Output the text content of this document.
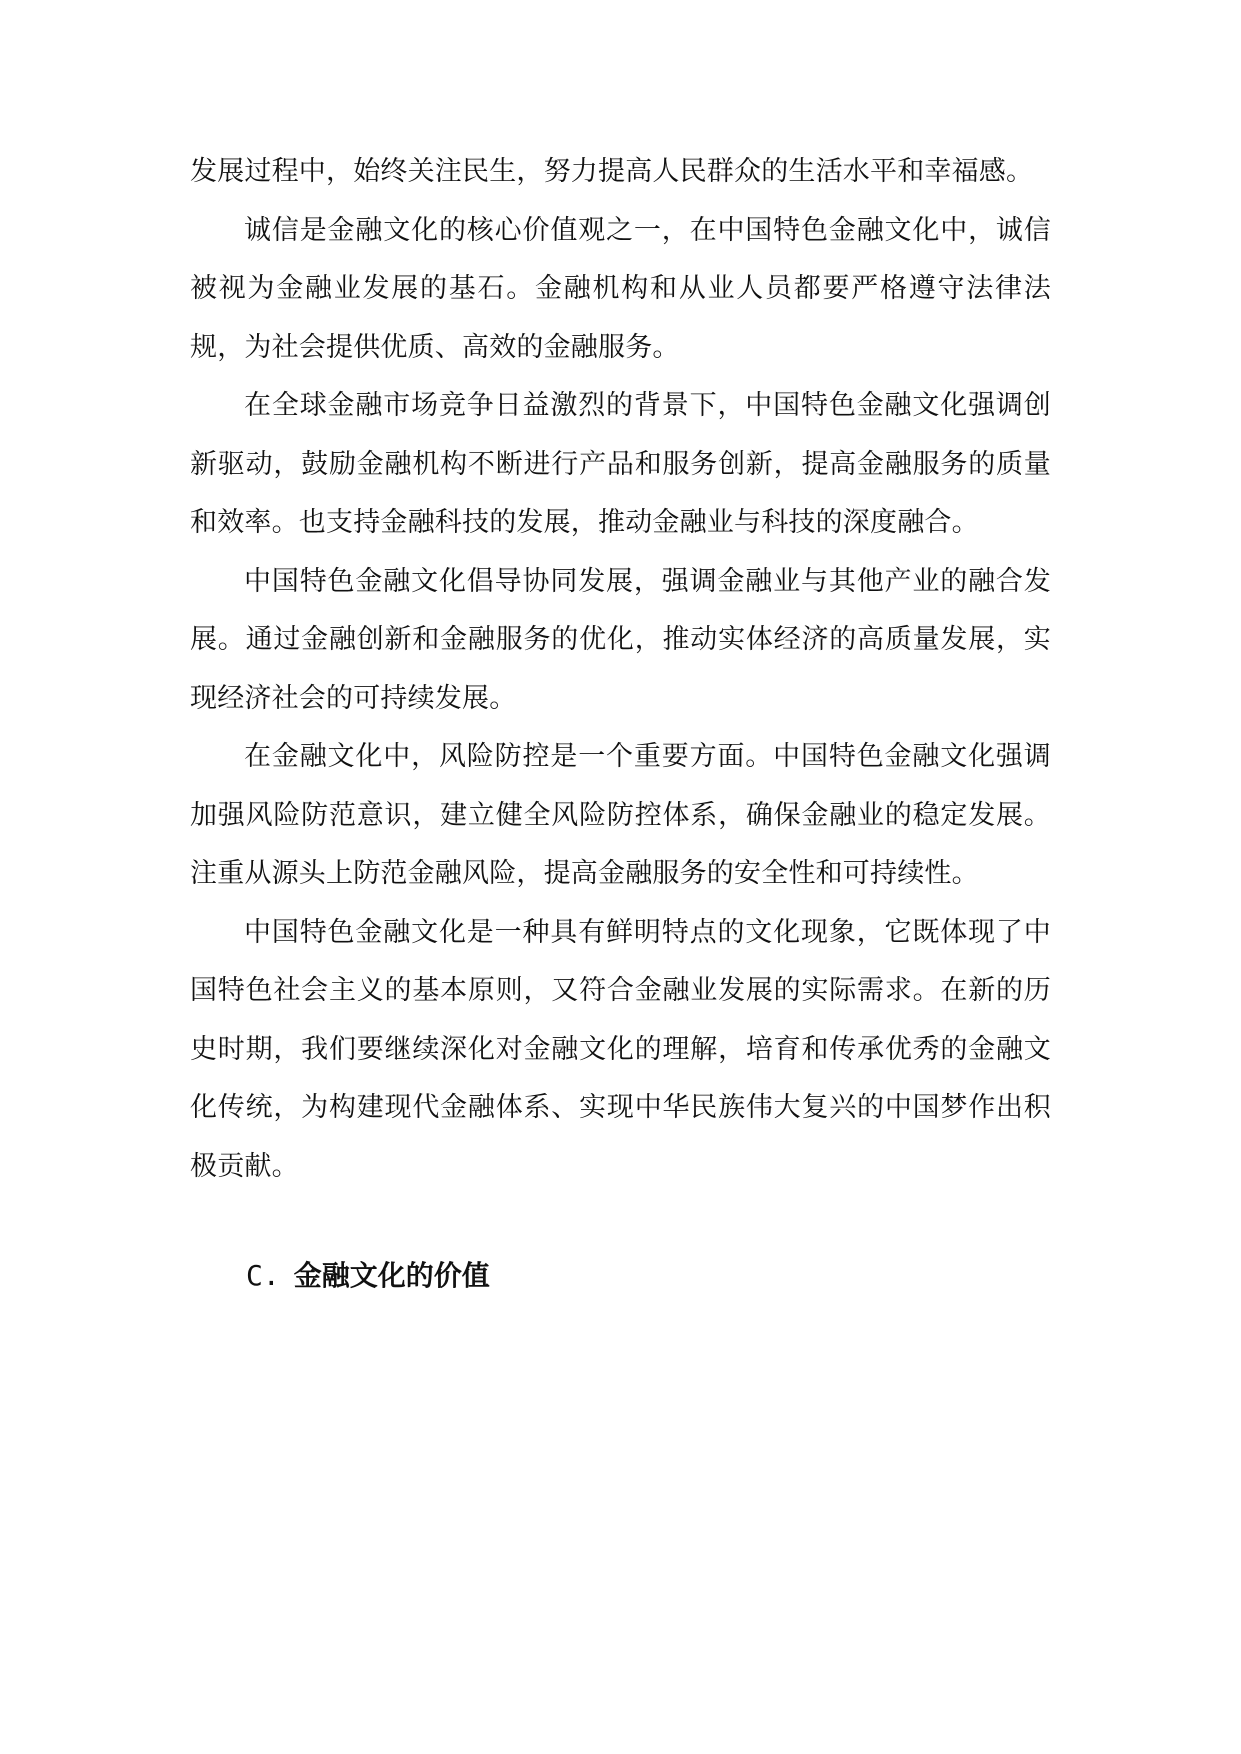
发展过程中，始终关注民生，努力提高人民群众的生活水平和幸福感。

诚信是金融文化的核心价值观之一，在中国特色金融文化中，诚信被视为金融业发展的基石。金融机构和从业人员都要严格遵守法律法规，为社会提供优质、高效的金融服务。

在全球金融市场竞争日益激烈的背景下，中国特色金融文化强调创新驱动，鼓励金融机构不断进行产品和服务创新，提高金融服务的质量和效率。也支持金融科技的发展，推动金融业与科技的深度融合。

中国特色金融文化倡导协同发展，强调金融业与其他产业的融合发展。通过金融创新和金融服务的优化，推动实体经济的高质量发展，实现经济社会的可持续发展。

在金融文化中，风险防控是一个重要方面。中国特色金融文化强调加强风险防范意识，建立健全风险防控体系，确保金融业的稳定发展。注重从源头上防范金融风险，提高金融服务的安全性和可持续性。

中国特色金融文化是一种具有鲜明特点的文化现象，它既体现了中国特色社会主义的基本原则，又符合金融业发展的实际需求。在新的历史时期，我们要继续深化对金融文化的理解，培育和传承优秀的金融文化传统，为构建现代金融体系、实现中华民族伟大复兴的中国梦作出积极贡献。

C. 金融文化的价值
